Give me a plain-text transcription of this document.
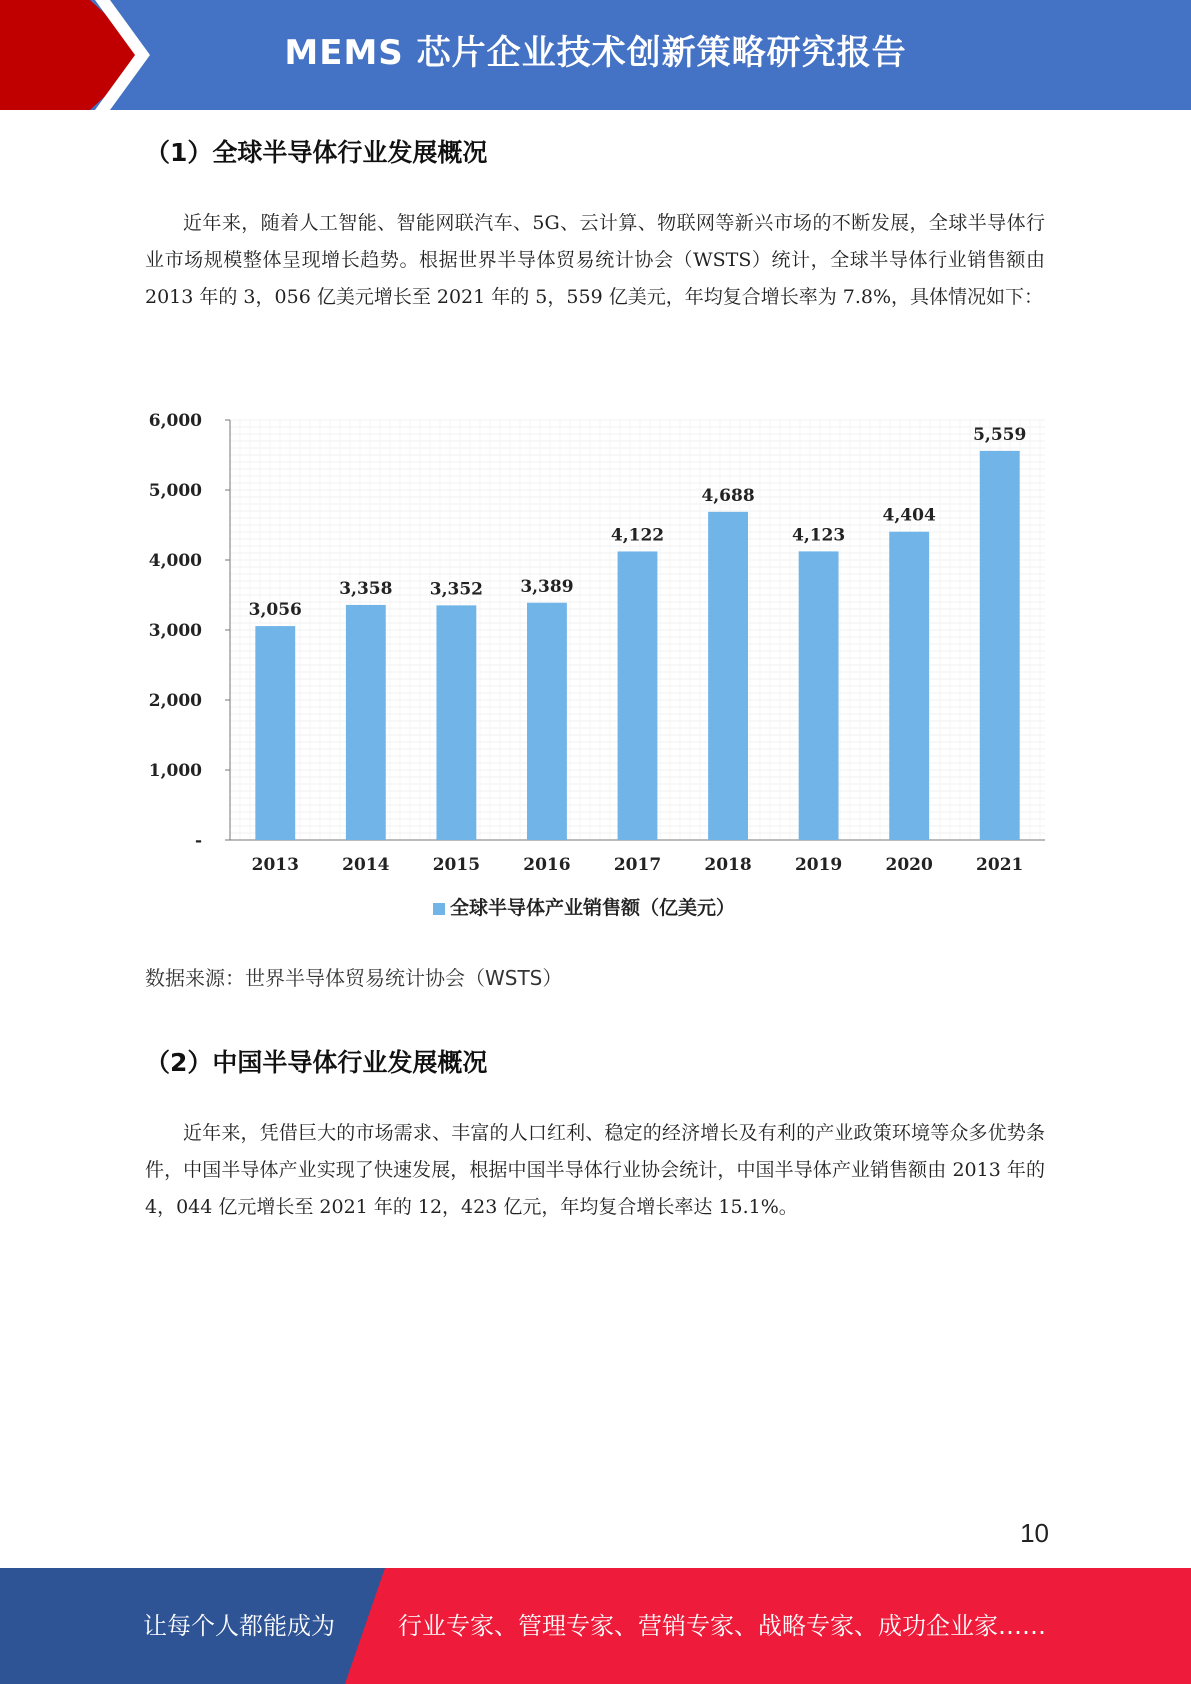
MEMS 芯片企业技术创新策略研究报告
（1）全球半导体行业发展概况

近年来，随着人工智能、智能网联汽车、5G、云计算、物联网等新兴市场的不断发展，全球半导体行业市场规模整体呈现增长趋势。根据世界半导体贸易统计协会（WSTS）统计，全球半导体行业销售额由 2013 年的 3，056 亿美元增长至 2021 年的 5，559 亿美元，年均复合增长率为 7.8%，具体情况如下：

-
1,000
2,000
3,000
4,000
5,000
6,000
3,056
3,358 3,352 3,389
4,122
4,688
4,123
4,404
5,559
2013	2014	2015	2016	2017	2018	2019	2020	2021
全球半导体产业销售额（亿美元）
数据来源：世界半导体贸易统计协会（WSTS）
（2）中国半导体行业发展概况

近年来，凭借巨大的市场需求、丰富的人口红利、稳定的经济增长及有利的产业政策环境等众多优势条件，中国半导体产业实现了快速发展，根据中国半导体行业协会统计，中国半导体产业销售额由 2013 年的 4，044 亿元增长至 2021 年的 12，423 亿元，年均复合增长率达 15.1%。

10
让每个人都能成为	行业专家、管理专家、营销专家、战略专家、成功企业家……
